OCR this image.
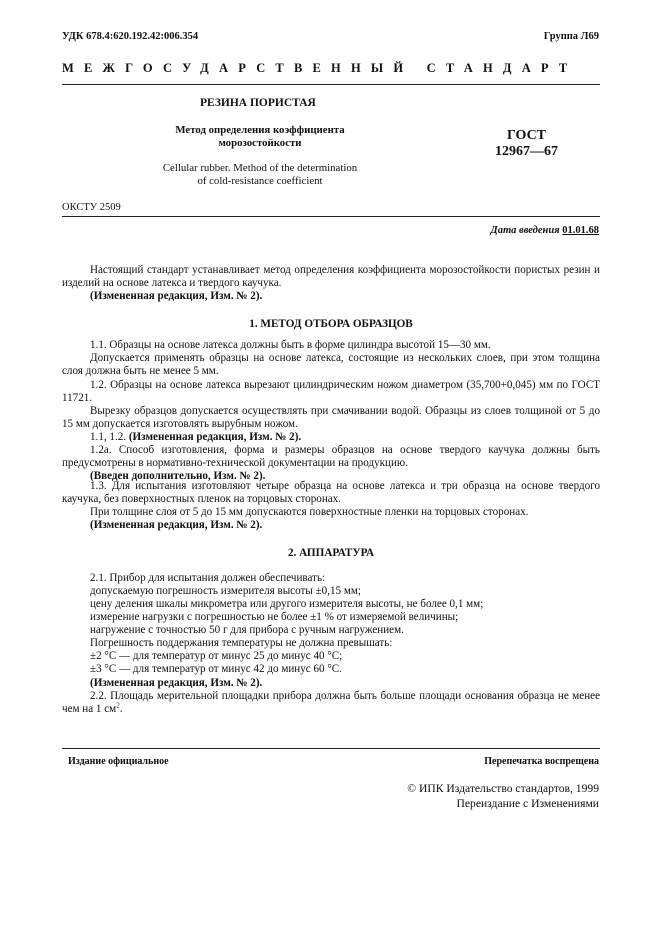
УДК 678.4:620.192.42:006.354	Группа Л69
МЕЖГОСУДАРСТВЕННЫЙ СТАНДАРТ
РЕЗИНА ПОРИСТАЯ
Метод определения коэффициента
морозостойкости
Cellular rubber. Method of the determination
of cold-resistance coefficient
ГОСТ
12967—67
ОКСТУ 2509
Дата введения 01.01.68
Настоящий стандарт устанавливает метод определения коэффициента морозостойкости пористых резин и изделий на основе латекса и твердого каучука.
(Измененная редакция, Изм. № 2).
1. МЕТОД ОТБОРА ОБРАЗЦОВ
1.1. Образцы на основе латекса должны быть в форме цилиндра высотой 15—30 мм.
Допускается применять образцы на основе латекса, состоящие из нескольких слоев, при этом толщина слоя должна быть не менее 5 мм.
1.2. Образцы на основе латекса вырезают цилиндрическим ножом диаметром (35,700+0,045) мм по ГОСТ 11721.
Вырезку образцов допускается осуществлять при смачивании водой. Образцы из слоев толщиной от 5 до 15 мм допускается изготовлять вырубным ножом.
1.1, 1.2. (Измененная редакция, Изм. № 2).
1.2а. Способ изготовления, форма и размеры образцов на основе твердого каучука должны быть предусмотрены в нормативно-технической документации на продукцию.
(Введен дополнительно, Изм. № 2).
1.3. Для испытания изготовляют четыре образца на основе латекса и три образца на основе твердого каучука, без поверхностных пленок на торцовых сторонах.
При толщине слоя от 5 до 15 мм допускаются поверхностные пленки на торцовых сторонах.
(Измененная редакция, Изм. № 2).
2. АППАРАТУРА
2.1. Прибор для испытания должен обеспечивать:
допускаемую погрешность измерителя высоты ±0,15 мм;
цену деления шкалы микрометра или другого измерителя высоты, не более 0,1 мм;
измерение нагрузки с погрешностью не более ±1 % от измеряемой величины;
нагружение с точностью 50 г для прибора с ручным нагружением.
Погрешность поддержания температуры не должна превышать:
±2 °С — для температур от минус 25 до минус 40 °С;
±3 °С — для температур от минус 42 до минус 60 °С.
(Измененная редакция, Изм. № 2).
2.2. Площадь мерительной площадки прибора должна быть больше площади основания образца не менее чем на 1 $см^2$.
Издание официальное	Перепечатка воспрещена
© ИПК Издательство стандартов, 1999
Переиздание с Изменениями
